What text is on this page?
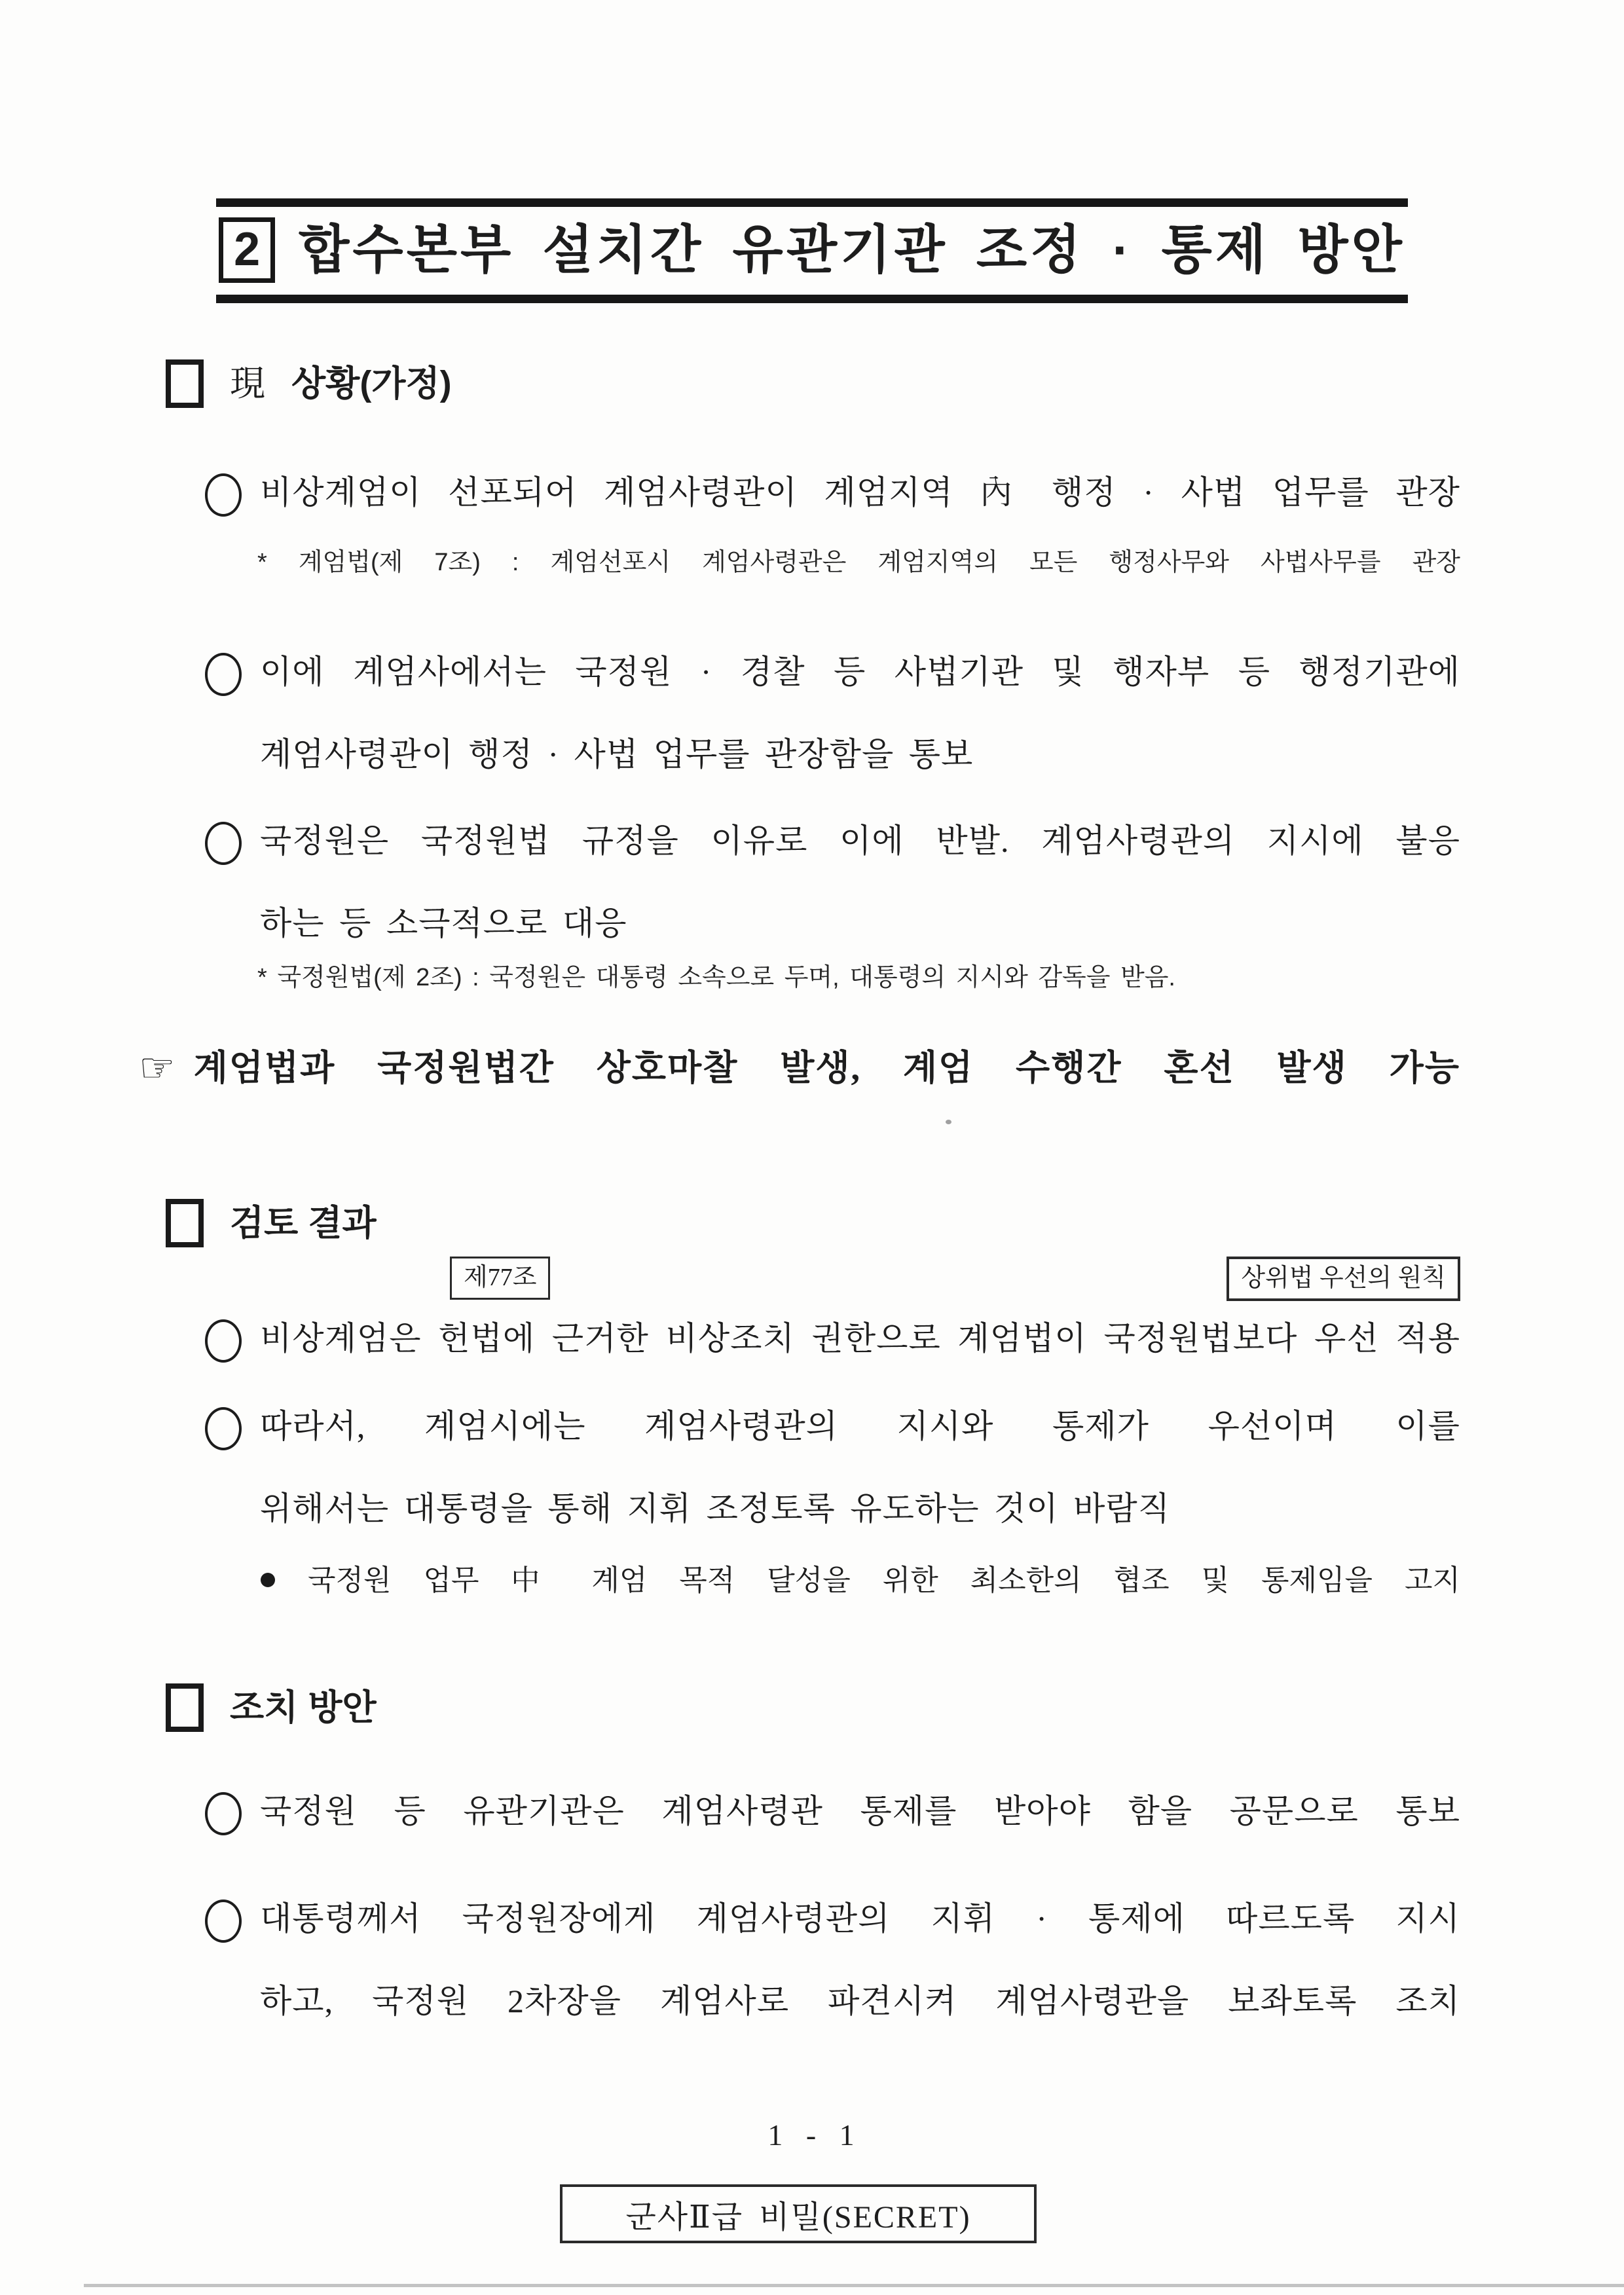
2 합수본부 설치간 유관기관 조정 · 통제 방안
現 상황(가정)
비상계엄이 선포되어 계엄사령관이 계엄지역 內 행정 · 사법 업무를 관장
* 계엄법(제 7조) : 계엄선포시 계엄사령관은 계엄지역의 모든 행정사무와 사법사무를 관장
이에 계엄사에서는 국정원 · 경찰 등 사법기관 및 행자부 등 행정기관에
계엄사령관이 행정 · 사법 업무를 관장함을 통보
국정원은 국정원법 규정을 이유로 이에 반발. 계엄사령관의 지시에 불응
하는 등 소극적으로 대응
* 국정원법(제 2조) : 국정원은 대통령 소속으로 두며, 대통령의 지시와 감독을 받음.
☞ 계엄법과 국정원법간 상호마찰 발생, 계엄 수행간 혼선 발생 가능
검토 결과
제77조	상위법 우선의 원칙
비상계엄은 헌법에 근거한 비상조치 권한으로 계엄법이 국정원법보다 우선 적용
따라서, 계엄시에는 계엄사령관의 지시와 통제가 우선이며 이를
위해서는 대통령을 통해 지휘 조정토록 유도하는 것이 바람직
국정원 업무 中 계엄 목적 달성을 위한 최소한의 협조 및 통제임을 고지
조치 방안
국정원 등 유관기관은 계엄사령관 통제를 받아야 함을 공문으로 통보
대통령께서 국정원장에게 계엄사령관의 지휘 · 통제에 따르도록 지시
하고, 국정원 2차장을 계엄사로 파견시켜 계엄사령관을 보좌토록 조치
1 - 1
군사Ⅱ급 비밀(SECRET)
